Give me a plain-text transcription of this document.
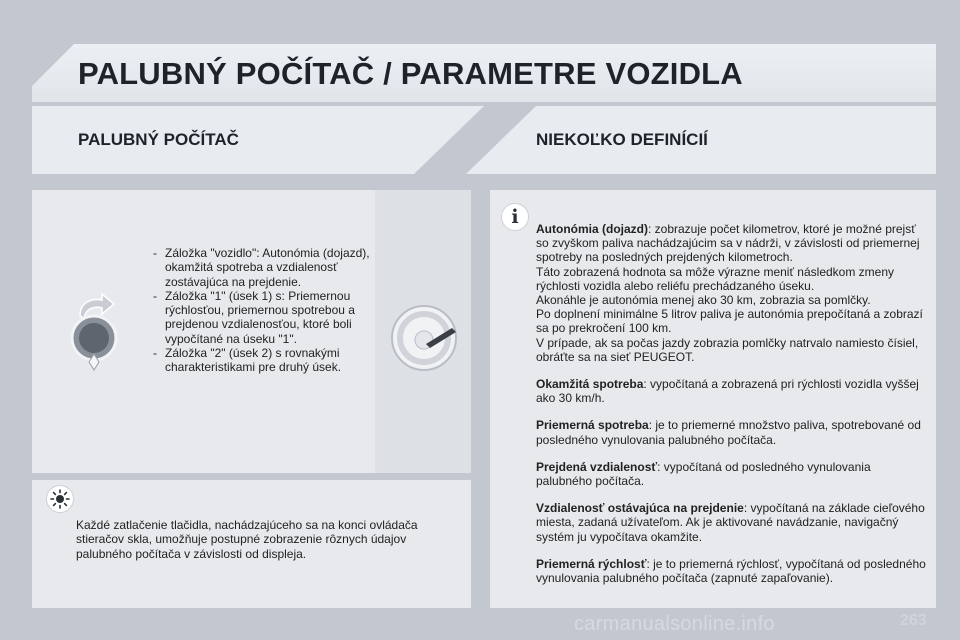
PALUBNÝ POČÍTAČ / PARAMETRE VOZIDLA
PALUBNÝ POČÍTAČ	NIEKOĽKO DEFINÍCIÍ
- Záložka "vozidlo": Autonómia (dojazd), okamžitá spotreba a vzdialenosť zostávajúca na prejdenie.
- Záložka "1" (úsek 1) s: Priemernou rýchlosťou, priemernou spotrebou a prejdenou vzdialenosťou, ktoré boli vypočítané na úseku "1".
- Záložka "2" (úsek 2) s rovnakými charakteristikami pre druhý úsek.

Každé zatlačenie tlačidla, nachádzajúceho sa na konci ovládača stieračov skla, umožňuje postupné zobrazenie rôznych údajov palubného počítača v závislosti od displeja.

i

Autonómia (dojazd): zobrazuje počet kilometrov, ktoré je možné prejsť so zvyškom paliva nachádzajúcim sa v nádrži, v závislosti od priemernej spotreby na posledných prejdených kilometroch.
Táto zobrazená hodnota sa môže výrazne meniť následkom zmeny rýchlosti vozidla alebo reliéfu prechádzaného úseku.
Akonáhle je autonómia menej ako 30 km, zobrazia sa pomlčky.
Po doplnení minimálne 5 litrov paliva je autonómia prepočítaná a zobrazí sa po prekročení 100 km.
V prípade, ak sa počas jazdy zobrazia pomlčky natrvalo namiesto čísiel, obráťte sa na sieť PEUGEOT.

Okamžitá spotreba: vypočítaná a zobrazená pri rýchlosti vozidla vyššej ako 30 km/h.

Priemerná spotreba: je to priemerné množstvo paliva, spotrebované od posledného vynulovania palubného počítača.

Prejdená vzdialenosť: vypočítaná od posledného vynulovania palubného počítača.

Vzdialenosť ostávajúca na prejdenie: vypočítaná na základe cieľového miesta, zadaná užívateľom. Ak je aktivované navádzanie, navigačný systém ju vypočítava okamžite.

Priemerná rýchlosť: je to priemerná rýchlosť, vypočítaná od posledného vynulovania palubného počítača (zapnuté zapaľovanie).

carmanualsonline.info	263
